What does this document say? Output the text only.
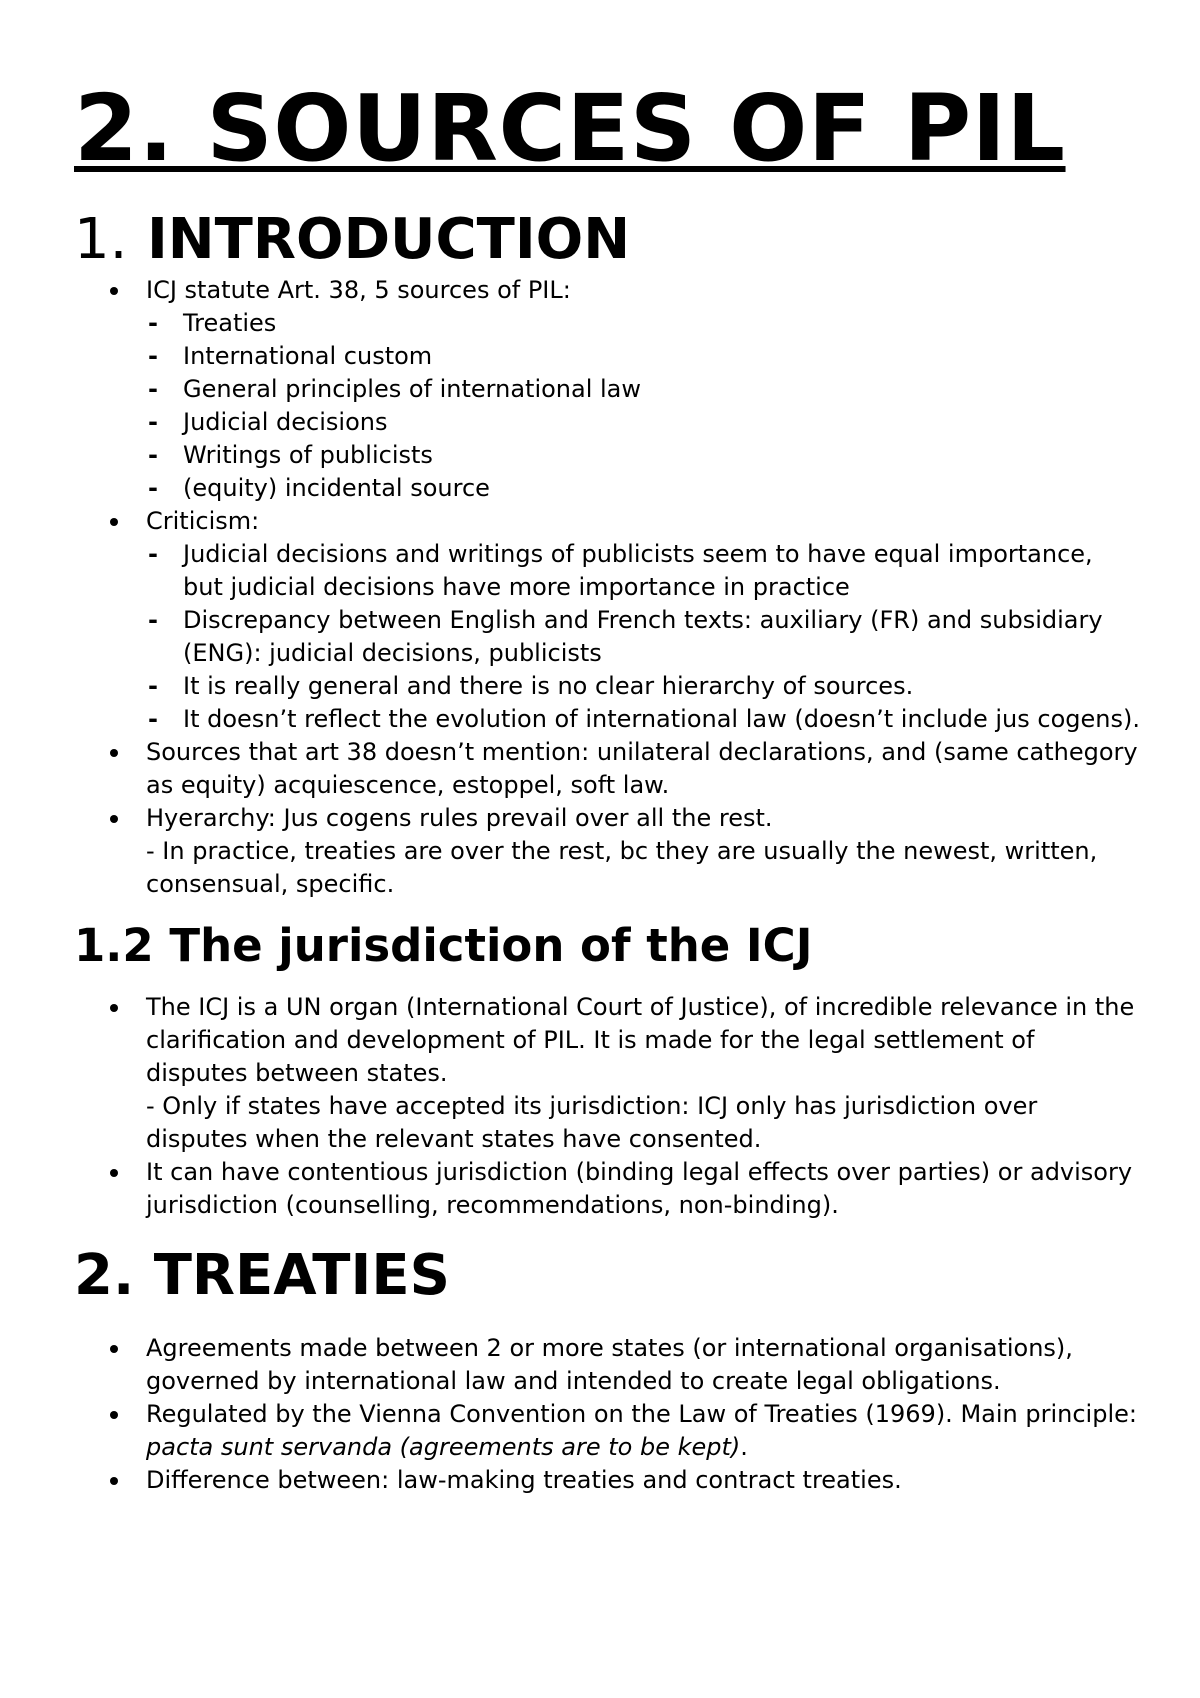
2. SOURCES OF PIL
1. INTRODUCTION
ICJ statute Art. 38, 5 sources of PIL:
- Treaties
- International custom
- General principles of international law
- Judicial decisions
- Writings of publicists
- (equity) incidental source
Criticism:
- Judicial decisions and writings of publicists seem to have equal importance, but judicial decisions have more importance in practice
- Discrepancy between English and French texts: auxiliary (FR) and subsidiary (ENG): judicial decisions, publicists
- It is really general and there is no clear hierarchy of sources.
- It doesn’t reflect the evolution of international law (doesn’t include jus cogens).
Sources that art 38 doesn’t mention: unilateral declarations, and (same cathegory as equity) acquiescence, estoppel, soft law.
Hyerarchy: Jus cogens rules prevail over all the rest.
- In practice, treaties are over the rest, bc they are usually the newest, written, consensual, specific.
1.2 The jurisdiction of the ICJ
The ICJ is a UN organ (International Court of Justice), of incredible relevance in the clarification and development of PIL. It is made for the legal settlement of disputes between states.
- Only if states have accepted its jurisdiction: ICJ only has jurisdiction over disputes when the relevant states have consented.
It can have contentious jurisdiction (binding legal effects over parties) or advisory jurisdiction (counselling, recommendations, non-binding).
2. TREATIES
Agreements made between 2 or more states (or international organisations), governed by international law and intended to create legal obligations.
Regulated by the Vienna Convention on the Law of Treaties (1969). Main principle: pacta sunt servanda (agreements are to be kept).
Difference between: law-making treaties and contract treaties.
